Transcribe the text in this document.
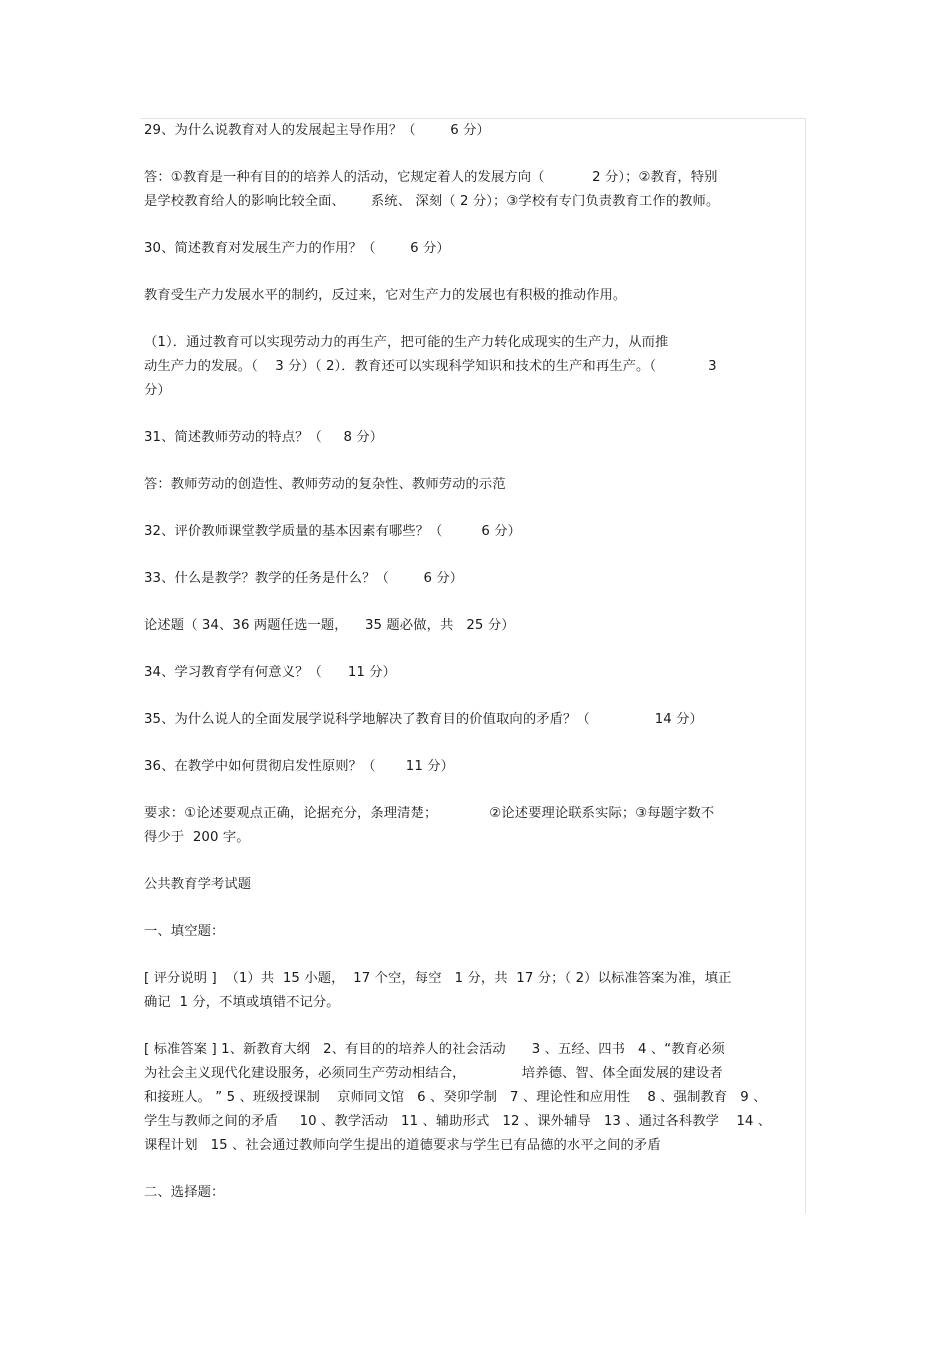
29、为什么说教育对人的发展起主导作用？（        6 分）
答：①教育是一种有目的的培养人的活动，它规定着人的发展方向（           2 分）；②教育，特别
是学校教育给人的影响比较全面、      系统、 深刻（ 2 分）；③学校有专门负责教育工作的教师。
30、简述教育对发展生产力的作用？（        6 分）
教育受生产力发展水平的制约，反过来，它对生产力的发展也有积极的推动作用。
（1）．通过教育可以实现劳动力的再生产，把可能的生产力转化成现实的生产力，从而推
动生产力的发展。（    3 分）（ 2）．教育还可以实现科学知识和技术的生产和再生产。（            3
分）
31、简述教师劳动的特点？（     8 分）
答：教师劳动的创造性、教师劳动的复杂性、教师劳动的示范
32、评价教师课堂教学质量的基本因素有哪些？（         6 分）
33、什么是教学？教学的任务是什么？（        6 分）
论述题（ 34、36 两题任选一题，    35 题必做，共   25 分）
34、学习教育学有何意义？（      11 分）
35、为什么说人的全面发展学说科学地解决了教育目的价值取向的矛盾？（               14 分）
36、在教学中如何贯彻启发性原则？（       11 分）
要求：①论述要观点正确，论据充分，条理清楚；            ②论述要理论联系实际；③每题字数不
得少于  200 字。
公共教育学考试题
一、填空题：
[ 评分说明 ]  （1）共  15 小题，  17 个空，每空   1 分，共  17 分；（ 2）以标准答案为准，填正
确记  1 分，不填或填错不记分。
[ 标准答案 ] 1、新教育大纲   2、有目的的培养人的社会活动      3 、五经、四书   4 、“教育必须
为社会主义现代化建设服务，必须同生产劳动相结合，             培养德、智、体全面发展的建设者
和接班人。 ” 5 、班级授课制    京师同文馆   6 、癸卯学制   7 、理论性和应用性    8 、强制教育   9 、
学生与教师之间的矛盾     10 、教学活动   11 、辅助形式   12 、课外辅导   13 、通过各科教学    14 、
课程计划   15 、社会通过教师向学生提出的道德要求与学生已有品德的水平之间的矛盾
二、选择题：
